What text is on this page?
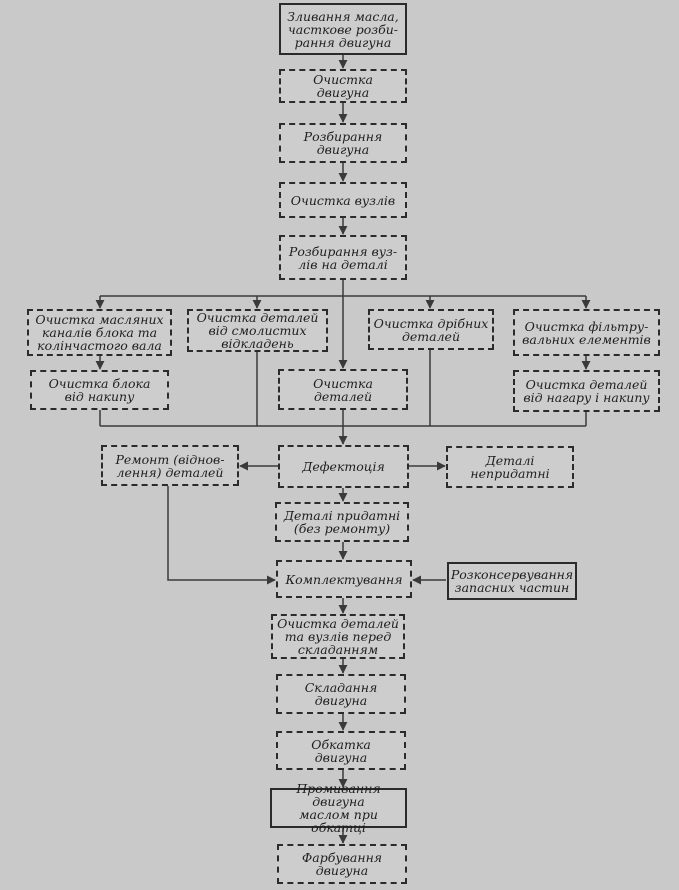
Зливання масла,
часткове розби-
рання двигуна
Очистка
двигуна
Розбирання
двигуна
Очистка вузлів
Розбирання вуз-
лів на деталі
Очистка масляних
каналів блока та
колінчастого вала
Очистка деталей
від смолистих
відкладень
Очистка дрібних
деталей
Очистка фільтру-
вальних елементів
Очистка блока
від накипу
Очистка
деталей
Очистка деталей
від нагару і накипу
Ремонт (віднов-
лення) деталей	Дефектоція	Деталі
непридатні
Деталі придатні
(без ремонту)
Комплектування	Розконсервування
запасних частин
Очистка деталей
та вузлів перед
складанням
Складання
двигуна
Обкатка
двигуна
Промивання двигуна
маслом при обкатці
Фарбування
двигуна
